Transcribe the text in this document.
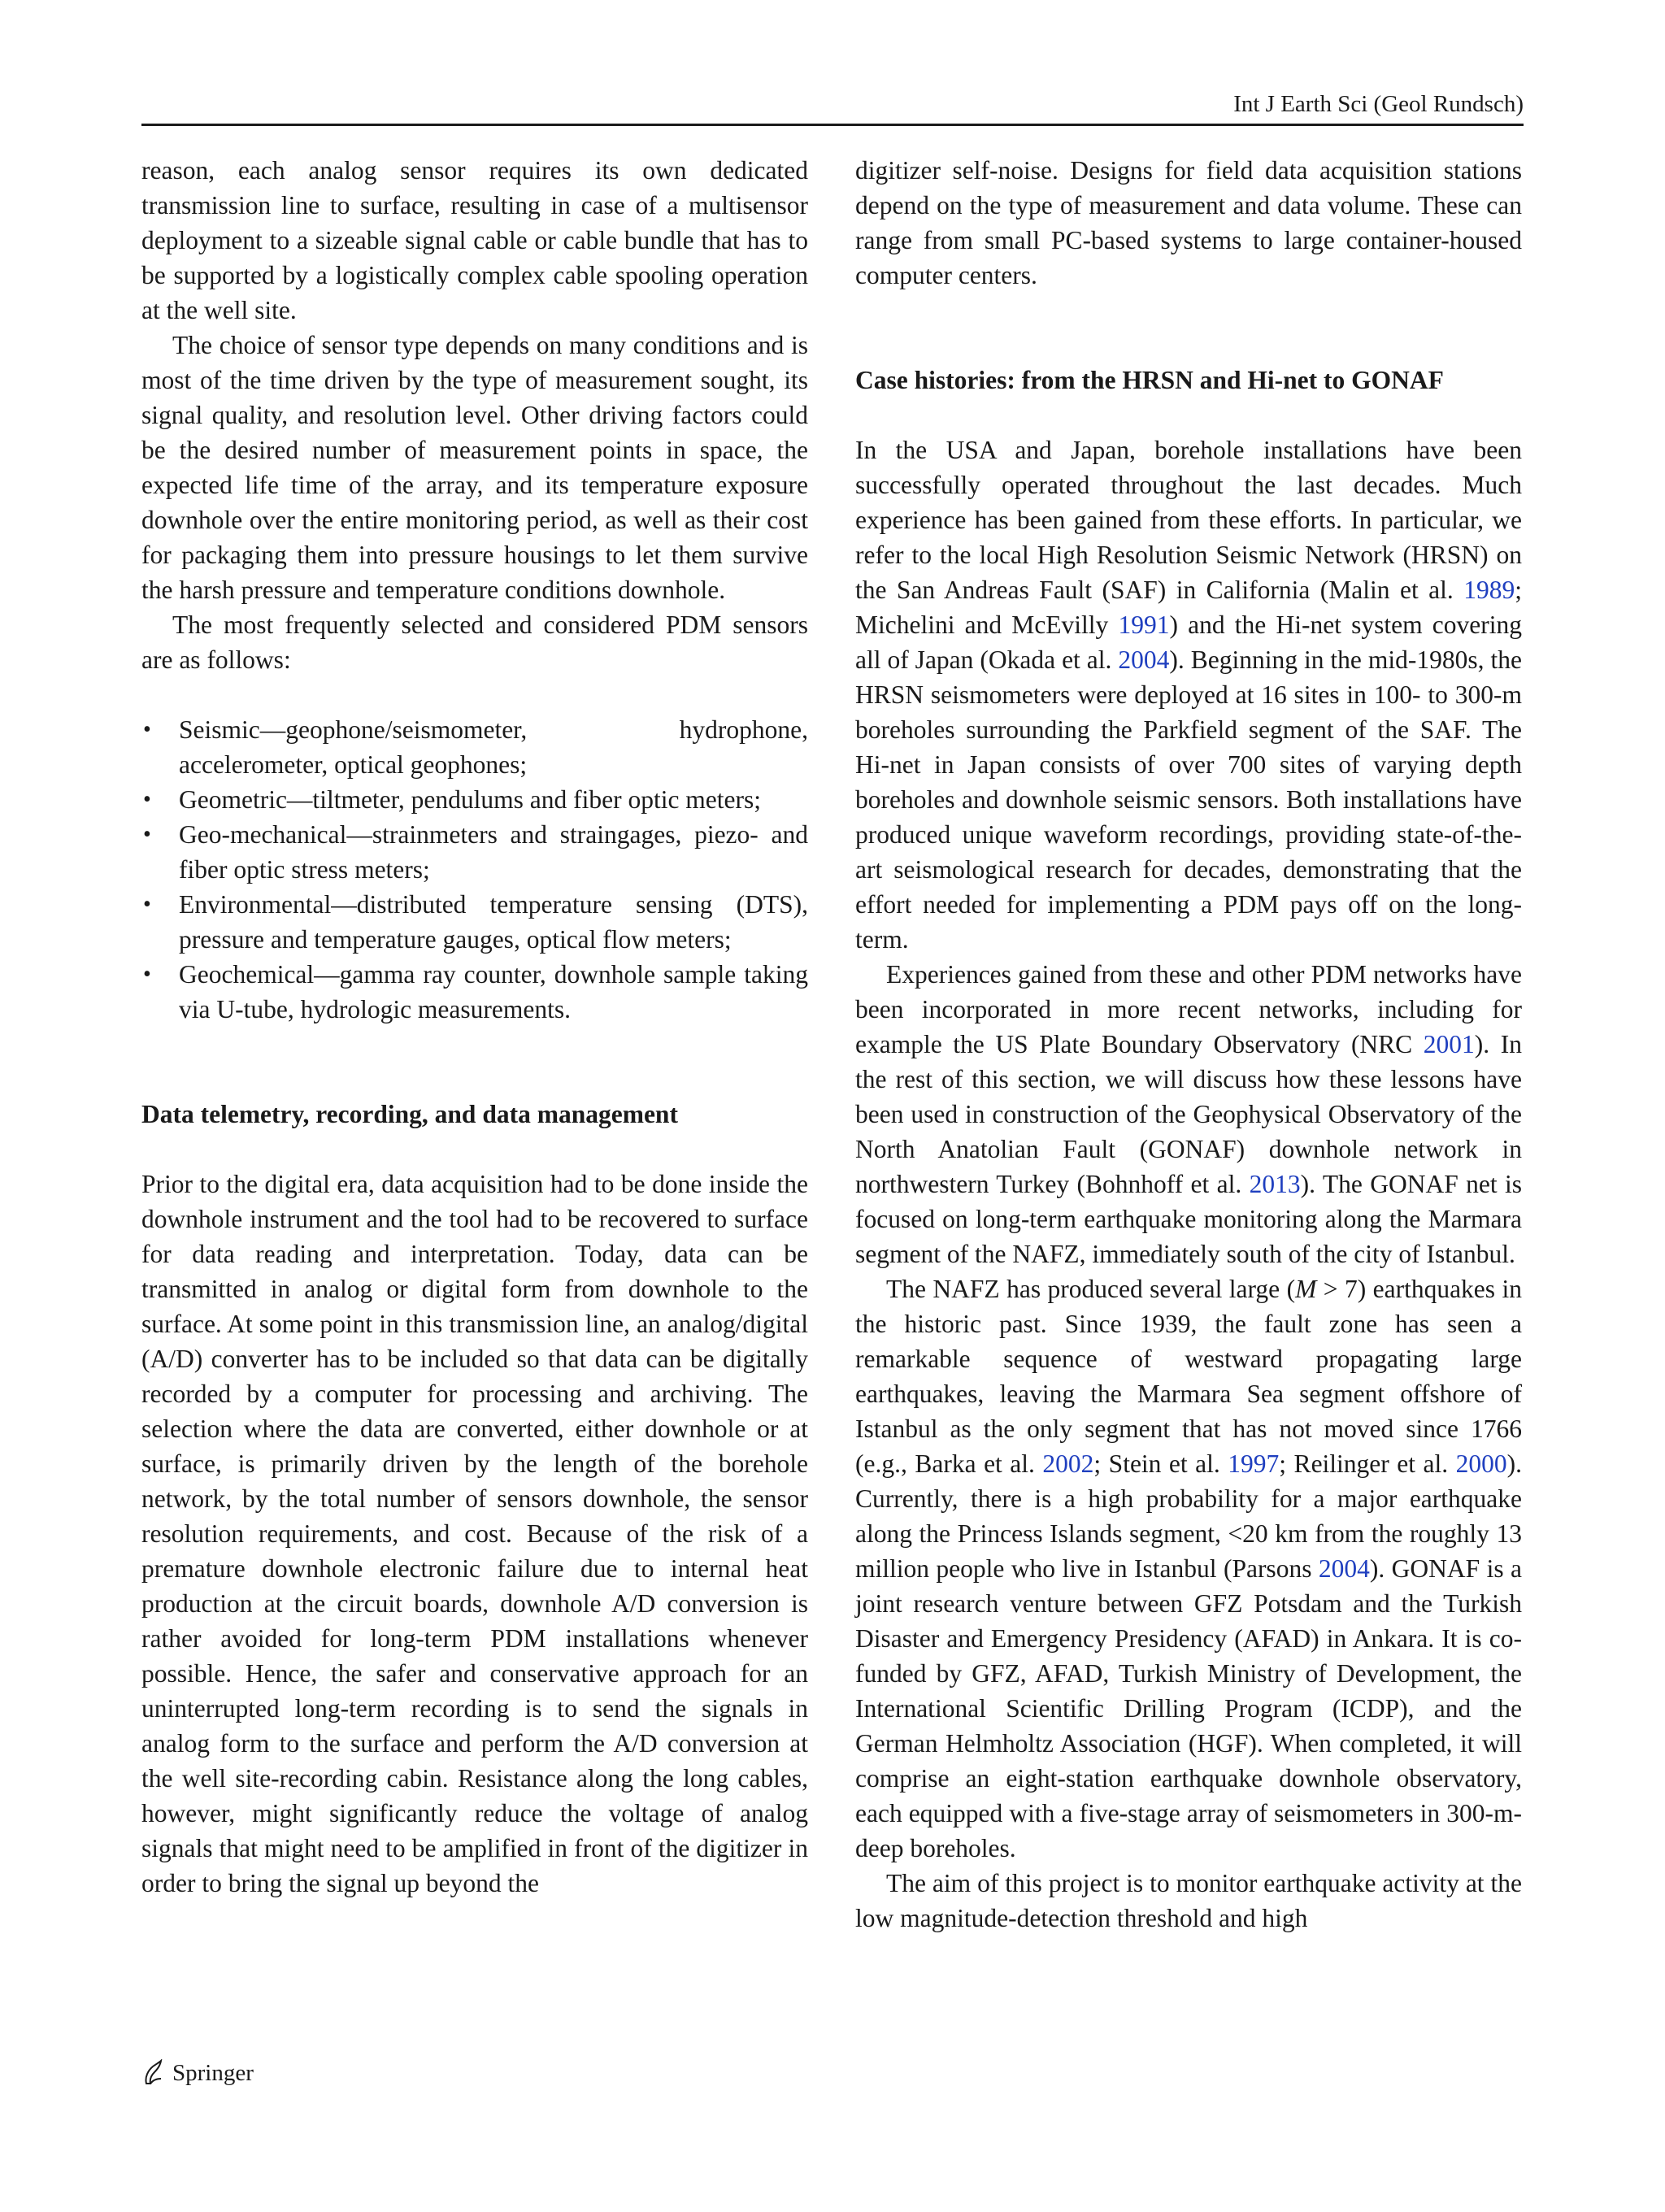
Int J Earth Sci (Geol Rundsch)

reason, each analog sensor requires its own dedicated transmission line to surface, resulting in case of a multisensor deployment to a sizeable signal cable or cable bundle that has to be supported by a logistically complex cable spooling operation at the well site.

The choice of sensor type depends on many conditions and is most of the time driven by the type of measurement sought, its signal quality, and resolution level. Other driving factors could be the desired number of measurement points in space, the expected life time of the array, and its temperature exposure downhole over the entire monitoring period, as well as their cost for packaging them into pressure housings to let them survive the harsh pressure and temperature conditions downhole.

The most frequently selected and considered PDM sensors are as follows:

• Seismic—geophone/seismometer, hydrophone, accelerometer, optical geophones;
• Geometric—tiltmeter, pendulums and fiber optic meters;
• Geo-mechanical—strainmeters and straingages, piezo- and fiber optic stress meters;
• Environmental—distributed temperature sensing (DTS), pressure and temperature gauges, optical flow meters;
• Geochemical—gamma ray counter, downhole sample taking via U-tube, hydrologic measurements.
Data telemetry, recording, and data management

Prior to the digital era, data acquisition had to be done inside the downhole instrument and the tool had to be recovered to surface for data reading and interpretation. Today, data can be transmitted in analog or digital form from downhole to the surface. At some point in this transmission line, an analog/digital (A/D) converter has to be included so that data can be digitally recorded by a computer for processing and archiving. The selection where the data are converted, either downhole or at surface, is primarily driven by the length of the borehole network, by the total number of sensors downhole, the sensor resolution requirements, and cost. Because of the risk of a premature downhole electronic failure due to internal heat production at the circuit boards, downhole A/D conversion is rather avoided for long-term PDM installations whenever possible. Hence, the safer and conservative approach for an uninterrupted long-term recording is to send the signals in analog form to the surface and perform the A/D conversion at the well site-recording cabin. Resistance along the long cables, however, might significantly reduce the voltage of analog signals that might need to be amplified in front of the digitizer in order to bring the signal up beyond the

digitizer self-noise. Designs for field data acquisition stations depend on the type of measurement and data volume. These can range from small PC-based systems to large container-housed computer centers.

Case histories: from the HRSN and Hi-net to GONAF

In the USA and Japan, borehole installations have been successfully operated throughout the last decades. Much experience has been gained from these efforts. In particular, we refer to the local High Resolution Seismic Network (HRSN) on the San Andreas Fault (SAF) in California (Malin et al. 1989; Michelini and McEvilly 1991) and the Hi-net system covering all of Japan (Okada et al. 2004). Beginning in the mid-1980s, the HRSN seismometers were deployed at 16 sites in 100- to 300-m boreholes surrounding the Parkfield segment of the SAF. The Hi-net in Japan consists of over 700 sites of varying depth boreholes and downhole seismic sensors. Both installations have produced unique waveform recordings, providing state-of-the-art seismological research for decades, demonstrating that the effort needed for implementing a PDM pays off on the long-term.

Experiences gained from these and other PDM networks have been incorporated in more recent networks, including for example the US Plate Boundary Observatory (NRC 2001). In the rest of this section, we will discuss how these lessons have been used in construction of the Geophysical Observatory of the North Anatolian Fault (GONAF) downhole network in northwestern Turkey (Bohnhoff et al. 2013). The GONAF net is focused on long-term earthquake monitoring along the Marmara segment of the NAFZ, immediately south of the city of Istanbul.

The NAFZ has produced several large (M > 7) earthquakes in the historic past. Since 1939, the fault zone has seen a remarkable sequence of westward propagating large earthquakes, leaving the Marmara Sea segment offshore of Istanbul as the only segment that has not moved since 1766 (e.g., Barka et al. 2002; Stein et al. 1997; Reilinger et al. 2000). Currently, there is a high probability for a major earthquake along the Princess Islands segment, <20 km from the roughly 13 million people who live in Istanbul (Parsons 2004). GONAF is a joint research venture between GFZ Potsdam and the Turkish Disaster and Emergency Presidency (AFAD) in Ankara. It is co-funded by GFZ, AFAD, Turkish Ministry of Development, the International Scientific Drilling Program (ICDP), and the German Helmholtz Association (HGF). When completed, it will comprise an eight-station earthquake downhole observatory, each equipped with a five-stage array of seismometers in 300-m-deep boreholes.

The aim of this project is to monitor earthquake activity at the low magnitude-detection threshold and high

Springer
